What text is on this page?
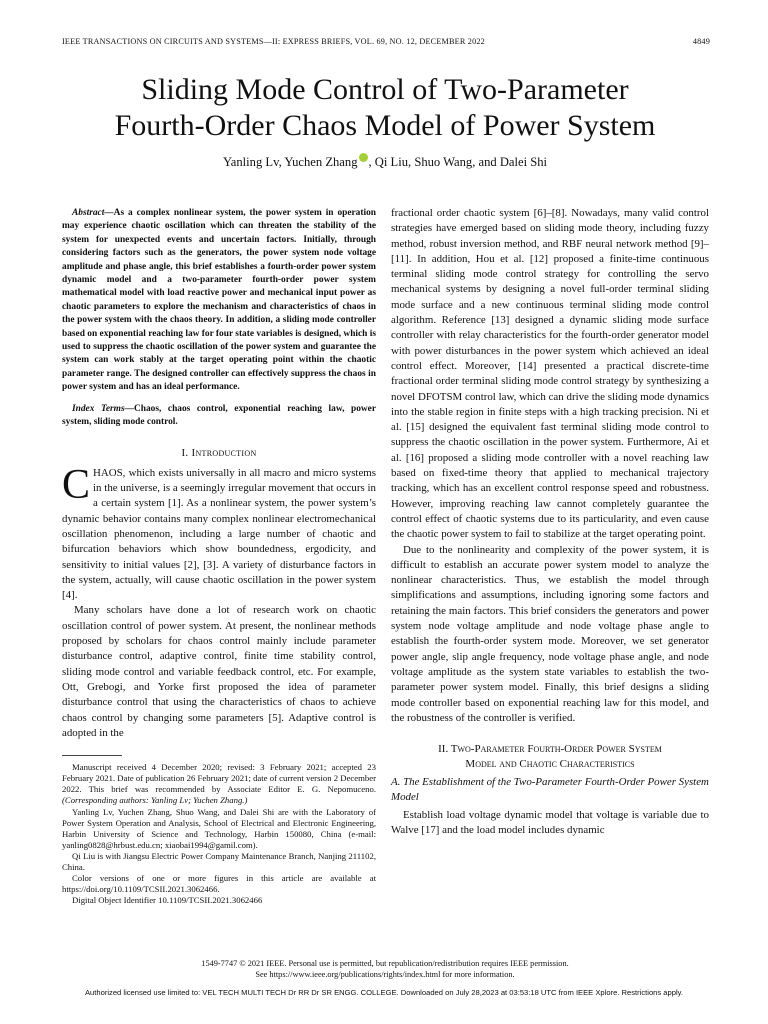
IEEE TRANSACTIONS ON CIRCUITS AND SYSTEMS—II: EXPRESS BRIEFS, VOL. 69, NO. 12, DECEMBER 2022	4849
Sliding Mode Control of Two-Parameter
Fourth-Order Chaos Model of Power System
Yanling Lv, Yuchen Zhang , Qi Liu, Shuo Wang, and Dalei Shi

Abstract—As a complex nonlinear system, the power system in operation may experience chaotic oscillation which can threaten the stability of the system for unexpected events and uncertain factors. Initially, through considering factors such as the generators, the power system node voltage amplitude and phase angle, this brief establishes a fourth-order power system dynamic model and a two-parameter fourth-order power system mathematical model with load reactive power and mechanical input power as chaotic parameters to explore the mechanism and characteristics of chaos in the power system with the chaos theory. In addition, a sliding mode controller based on exponential reaching law for four state variables is designed, which is used to suppress the chaotic oscillation of the power system and guarantee the system can work stably at the target operating point within the chaotic parameter range. The designed controller can effectively suppress the chaos in power system and has an ideal performance.

Index Terms—Chaos, chaos control, exponential reaching law, power system, sliding mode control.

I. Introduction

CHAOS, which exists universally in all macro and micro systems in the universe, is a seemingly irregular movement that occurs in a certain system [1]. As a nonlinear system, the power system’s dynamic behavior contains many complex nonlinear electromechanical oscillation phenomenon, including a large number of chaotic and bifurcation behaviors which show boundedness, ergodicity, and sensitivity to initial values [2], [3]. A variety of disturbance factors in the system, actually, will cause chaotic oscillation in the power system [4].

Many scholars have done a lot of research work on chaotic oscillation control of power system. At present, the nonlinear methods proposed by scholars for chaos control mainly include parameter disturbance control, adaptive control, finite time stability control, sliding mode control and variable feedback control, etc. For example, Ott, Grebogi, and Yorke first proposed the idea of parameter disturbance control that using the characteristics of chaos to achieve chaos control by changing some parameters [5]. Adaptive control is adopted in the

Manuscript received 4 December 2020; revised: 3 February 2021; accepted 23 February 2021. Date of publication 26 February 2021; date of current version 2 December 2022. This brief was recommended by Associate Editor E. G. Nepomuceno. (Corresponding authors: Yanling Lv; Yuchen Zhang.)

Yanling Lv, Yuchen Zhang, Shuo Wang, and Dalei Shi are with the Laboratory of Power System Operation and Analysis, School of Electrical and Electronic Engineering, Harbin University of Science and Technology, Harbin 150080, China (e-mail: yanling0828@hrbust.edu.cn; xiaobai1994@gamil.com).

Qi Liu is with Jiangsu Electric Power Company Maintenance Branch, Nanjing 211102, China.

Color versions of one or more figures in this article are available at https://doi.org/10.1109/TCSII.2021.3062466.

Digital Object Identifier 10.1109/TCSII.2021.3062466

fractional order chaotic system [6]–[8]. Nowadays, many valid control strategies have emerged based on sliding mode theory, including fuzzy method, robust inversion method, and RBF neural network method [9]–[11]. In addition, Hou et al. [12] proposed a finite-time continuous terminal sliding mode control strategy for controlling the servo mechanical systems by designing a novel full-order terminal sliding mode surface and a new continuous terminal sliding mode control algorithm. Reference [13] designed a dynamic sliding mode surface controller with relay characteristics for the fourth-order generator model with power disturbances in the power system which achieved an ideal control effect. Moreover, [14] presented a practical discrete-time fractional order terminal sliding mode control strategy by synthesizing a novel DFOTSM control law, which can drive the sliding mode dynamics into the stable region in finite steps with a high tracking precision. Ni et al. [15] designed the equivalent fast terminal sliding mode control to suppress the chaotic oscillation in the power system. Furthermore, Ai et al. [16] proposed a sliding mode controller with a novel reaching law based on fixed-time theory that applied to mechanical trajectory tracking, which has an excellent control response speed and robustness. However, improving reaching law cannot completely guarantee the control effect of chaotic systems due to its particularity, and even cause the chaotic power system to fail to stabilize at the target operating point.

Due to the nonlinearity and complexity of the power system, it is difficult to establish an accurate power system model to analyze the nonlinear characteristics. Thus, we establish the model through simplifications and assumptions, including ignoring some factors and retaining the main factors. This brief considers the generators and power system node voltage amplitude and node voltage phase angle to establish the fourth-order system mode. Moreover, we set generator power angle, slip angle frequency, node voltage phase angle, and node voltage amplitude as the system state variables to establish the two-parameter power system model. Finally, this brief designs a sliding mode controller based on exponential reaching law for this model, and the robustness of the controller is verified.

II. Two-Parameter Fourth-Order Power System
Model and Chaotic Characteristics
A. The Establishment of the Two-Parameter Fourth-Order Power System Model

Establish load voltage dynamic model that voltage is variable due to Walve [17] and the load model includes dynamic

1549-7747 © 2021 IEEE. Personal use is permitted, but republication/redistribution requires IEEE permission.
See https://www.ieee.org/publications/rights/index.html for more information.
Authorized licensed use limited to: VEL TECH MULTI TECH Dr RR Dr SR ENGG. COLLEGE. Downloaded on July 28,2023 at 03:53:18 UTC from IEEE Xplore. Restrictions apply.
